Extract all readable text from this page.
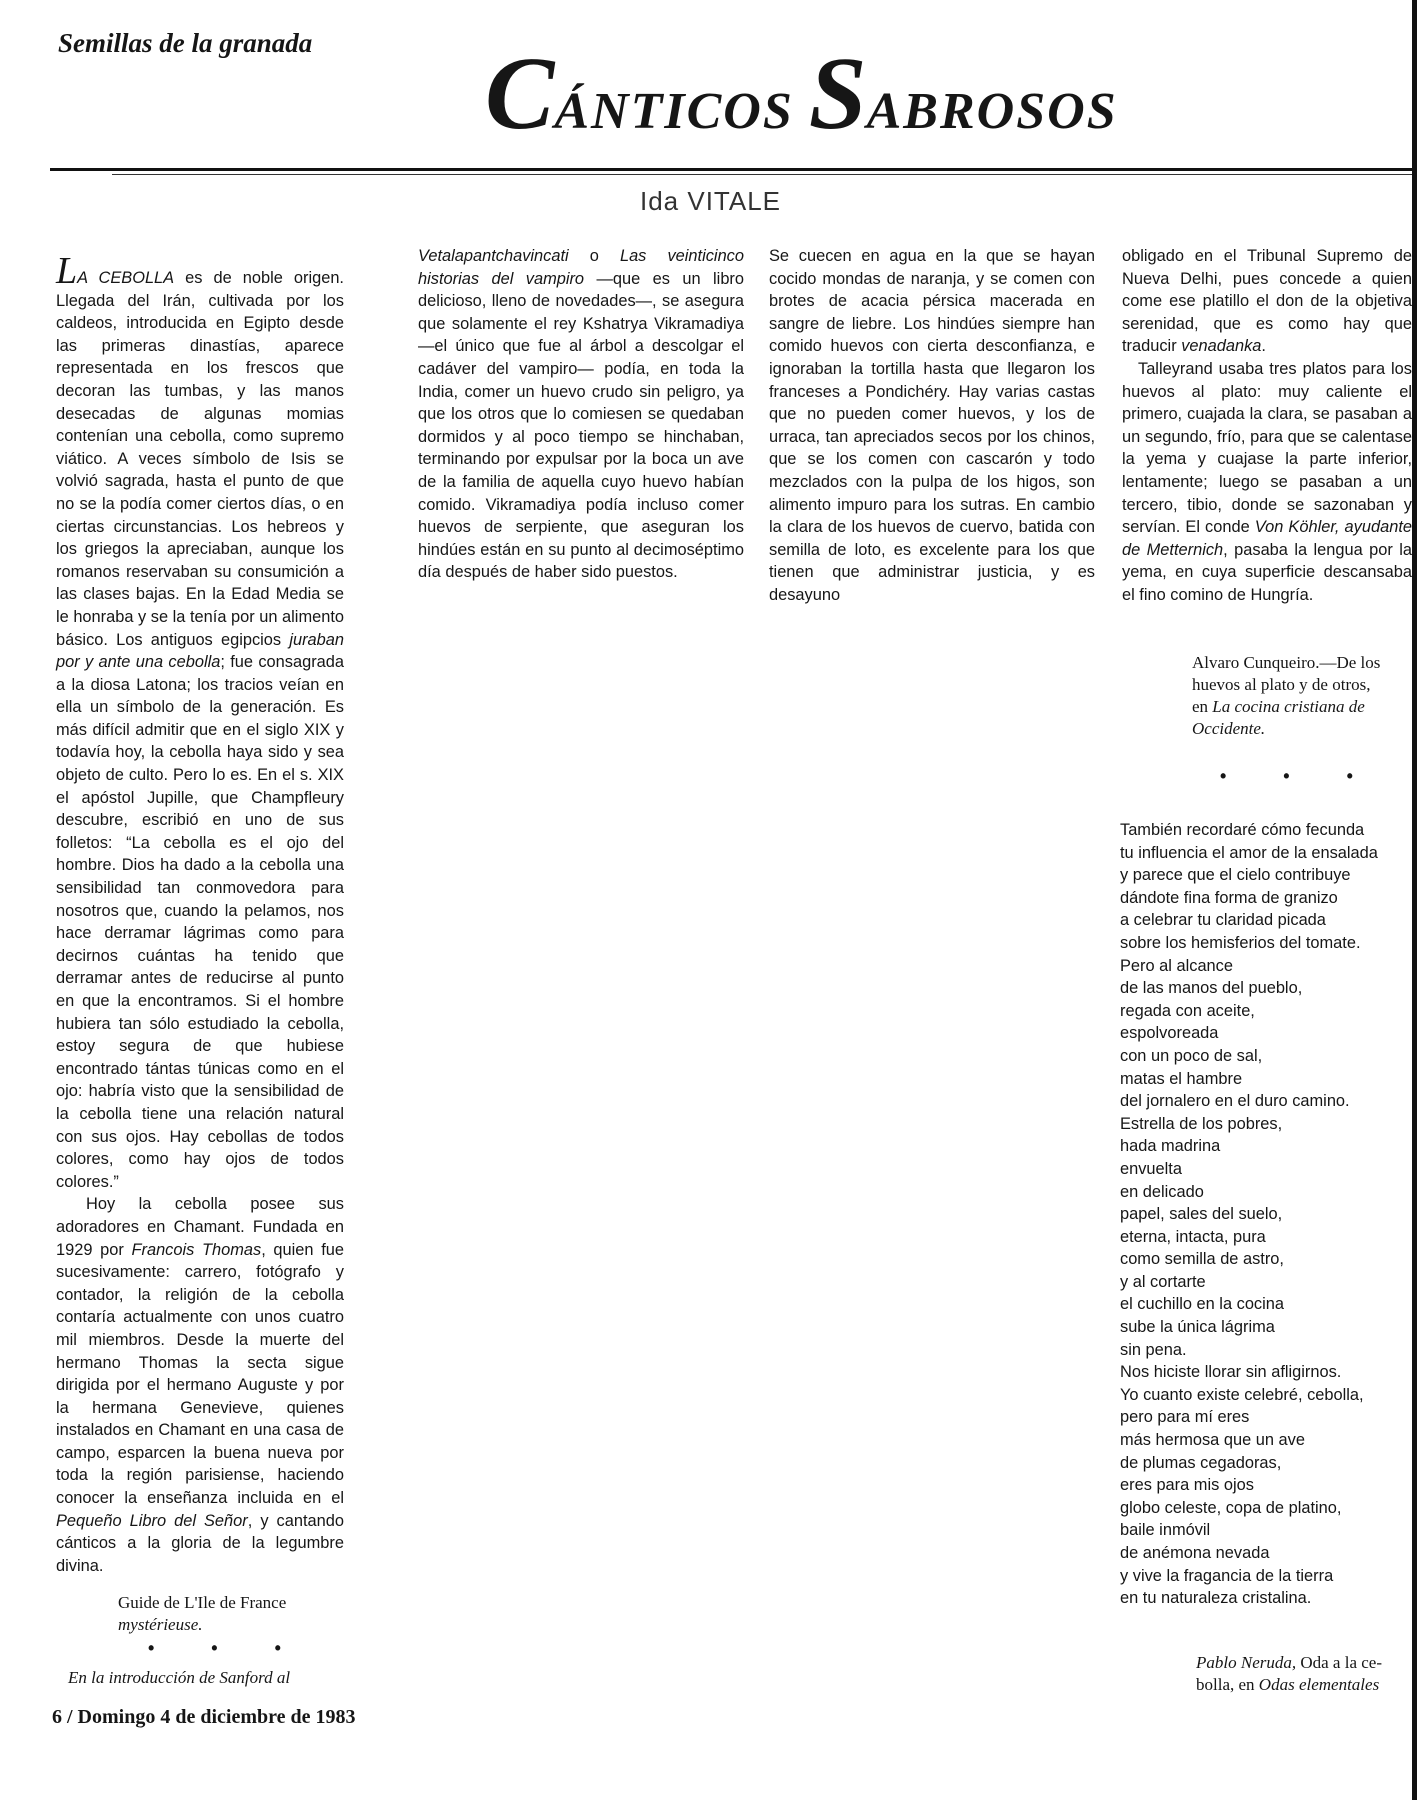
Semillas de la granada CÁNTICOS SABROSOS
Ida VITALE

LA CEBOLLA es de noble origen. Llegada del Irán, cultivada por los caldeos, introducida en Egipto desde las primeras dinastías, aparece representada en los frescos que decoran las tumbas, y las manos desecadas de algunas momias contenían una cebolla, como supremo viático. A veces símbolo de Isis se volvió sagrada, hasta el punto de que no se la podía comer ciertos días, o en ciertas circunstancias. Los hebreos y los griegos la apreciaban, aunque los romanos reservaban su consumición a las clases bajas. En la Edad Media se le honraba y se la tenía por un alimento básico. Los antiguos egipcios juraban por y ante una cebolla; fue consagrada a la diosa Latona; los tracios veían en ella un símbolo de la generación. Es más difícil admitir que en el siglo XIX y todavía hoy, la cebolla haya sido y sea objeto de culto. Pero lo es. En el s. XIX el apóstol Jupille, que Champfleury descubre, escribió en uno de sus folletos: “La cebolla es el ojo del hombre. Dios ha dado a la cebolla una sensibilidad tan conmovedora para nosotros que, cuando la pelamos, nos hace derramar lágrimas como para decirnos cuántas ha tenido que derramar antes de reducirse al punto en que la encontramos. Si el hombre hubiera tan sólo estudiado la cebolla, estoy segura de que hubiese encontrado tántas túnicas como en el ojo: habría visto que la sensibilidad de la cebolla tiene una relación natural con sus ojos. Hay cebollas de todos colores, como hay ojos de todos colores.”

Hoy la cebolla posee sus adoradores en Chamant. Fundada en 1929 por Francois Thomas, quien fue sucesivamente: carrero, fotógrafo y contador, la religión de la cebolla contaría actualmente con unos cuatro mil miembros. Desde la muerte del hermano Thomas la secta sigue dirigida por el hermano Auguste y por la hermana Genevieve, quienes instalados en Chamant en una casa de campo, esparcen la buena nueva por toda la región parisiense, haciendo conocer la enseñanza incluida en el Pequeño Libro del Señor, y cantando cánticos a la gloria de la legumbre divina.

Guide de L'Ile de France
mystérieuse.
• • •
En la introducción de Sanford al

Vetalapantchavincati o Las veinticinco historias del vampiro —que es un libro delicioso, lleno de novedades—, se asegura que solamente el rey Kshatrya Vikramadiya —el único que fue al árbol a descolgar el cadáver del vampiro— podía, en toda la India, comer un huevo crudo sin peligro, ya que los otros que lo comiesen se quedaban dormidos y al poco tiempo se hinchaban, terminando por expulsar por la boca un ave de la familia de aquella cuyo huevo habían comido. Vikramadiya podía incluso comer huevos de serpiente, que aseguran los hindúes están en su punto al decimoséptimo día después de haber sido puestos.

Se cuecen en agua en la que se hayan cocido mondas de naranja, y se comen con brotes de acacia pérsica macerada en sangre de liebre. Los hindúes siempre han comido huevos con cierta desconfianza, e ignoraban la tortilla hasta que llegaron los franceses a Pondichéry. Hay varias castas que no pueden comer huevos, y los de urraca, tan apreciados secos por los chinos, que se los comen con cascarón y todo mezclados con la pulpa de los higos, son alimento impuro para los sutras. En cambio la clara de los huevos de cuervo, batida con semilla de loto, es excelente para los que tienen que administrar justicia, y es desayuno

obligado en el Tribunal Supremo de Nueva Delhi, pues concede a quien come ese platillo el don de la objetiva serenidad, que es como hay que traducir venadanka.

Talleyrand usaba tres platos para los huevos al plato: muy caliente el primero, cuajada la clara, se pasaban a un segundo, frío, para que se calentase la yema y cuajase la parte inferior, lentamente; luego se pasaban a un tercero, tibio, donde se sazonaban y servían. El conde Von Köhler, ayudante de Metternich, pasaba la lengua por la yema, en cuya superficie descansaba el fino comino de Hungría.

Alvaro Cunqueiro.—De los
huevos al plato y de otros,
en La cocina cristiana de
Occidente.
• • •
También recordaré cómo fecunda
tu influencia el amor de la ensalada
y parece que el cielo contribuye
dándote fina forma de granizo
a celebrar tu claridad picada
sobre los hemisferios del tomate.
Pero al alcance
de las manos del pueblo,
regada con aceite,
espolvoreada
con un poco de sal,
matas el hambre
del jornalero en el duro camino.
Estrella de los pobres,
hada madrina
envuelta
en delicado
papel, sales del suelo,
eterna, intacta, pura
como semilla de astro,
y al cortarte
el cuchillo en la cocina
sube la única lágrima
sin pena.
Nos hiciste llorar sin afligirnos.
Yo cuanto existe celebré, cebolla,
pero para mí eres
más hermosa que un ave
de plumas cegadoras,
eres para mis ojos
globo celeste, copa de platino,
baile inmóvil
de anémona nevada
y vive la fragancia de la tierra
en tu naturaleza cristalina.
Pablo Neruda, Oda a la ce-
bolla, en Odas elementales
6 / Domingo 4 de diciembre de 1983
